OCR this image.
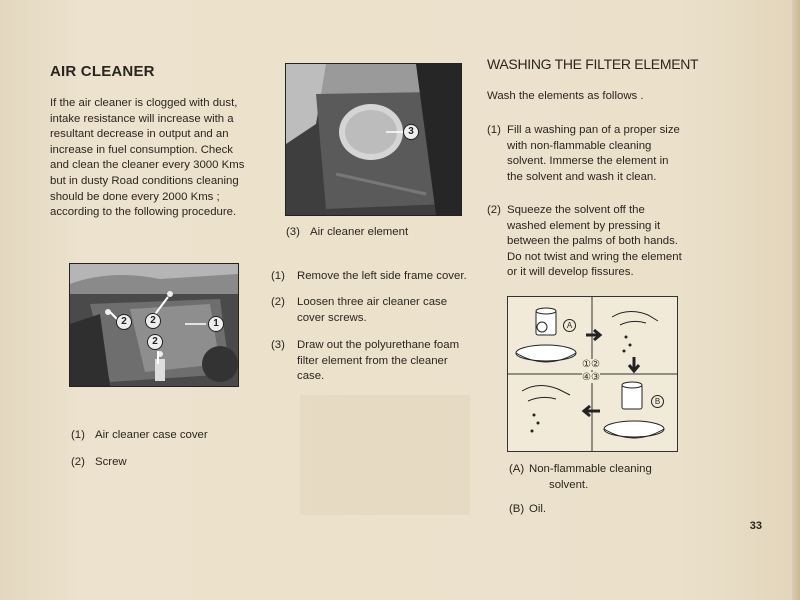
AIR CLEANER
If the air cleaner is clogged with dust,
intake resistance will increase with a
resultant decrease in output and an
increase in fuel consumption. Check
and clean the cleaner every 3000 Kms
but in dusty Road conditions cleaning
should be done every 2000 Kms ;
according to the following procedure.
1
2	2
2
(1) Air cleaner case cover
(2) Screw
3
(3) Air cleaner element
(1) Remove the left side frame cover.
(2) Loosen three air cleaner case
cover screws.
(3) Draw out the polyurethane foam
filter element from the cleaner
case.
WASHING THE FILTER ELEMENT
Wash the elements as follows .
(1) Fill a washing pan of a proper size
with non-flammable cleaning
solvent. Immerse the element in
the solvent and wash it clean.
(2) Squeeze the solvent off the
washed element by pressing it
between the palms of both hands.
Do not twist and wring the element
or it will develop fissures.
A
B
①②
④③
(A) Non-flammable cleaning
solvent.
(B) Oil.
33
